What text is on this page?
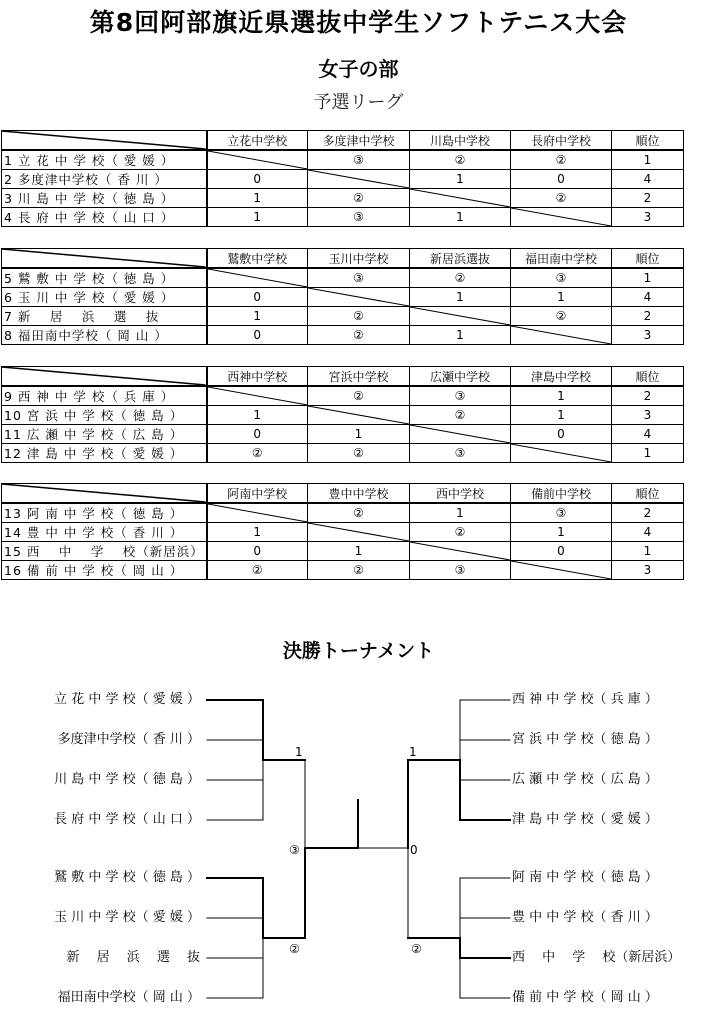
第8回阿部旗近県選抜中学生ソフトテニス大会
女子の部
予選リーグ
	立花中学校	多度津中学校	川島中学校	長府中学校	順位
1 立 花 中 学 校（ 愛 媛 ）		③	②	②	1
2 多度津中学校（ 香 川 ）	0		1	0	4
3 川 島 中 学 校（ 徳 島 ）	1	②		②	2
4 長 府 中 学 校（ 山 口 ）	1	③	1		3
	鷲敷中学校	玉川中学校	新居浜選抜	福田南中学校	順位
5 鷲 敷 中 学 校（ 徳 島 ）		③	②	③	1
6 玉 川 中 学 校（ 愛 媛 ）	0		1	1	4
7 新　 居　 浜　 選　 抜	1	②		②	2
8 福田南中学校（ 岡 山 ）	0	②	1		3
	西神中学校	宮浜中学校	広瀬中学校	津島中学校	順位
9 西 神 中 学 校（ 兵 庫 ）		②	③	1	2
10 宮 浜 中 学 校（ 徳 島 ）	1		②	1	3
11 広 瀬 中 学 校（ 広 島 ）	0	1		0	4
12 津 島 中 学 校（ 愛 媛 ）	②	②	③		1
	阿南中学校	豊中中学校	西中学校	備前中学校	順位
13 阿 南 中 学 校（ 徳 島 ）		②	1	③	2
14 豊 中 中 学 校（ 香 川 ）	1		②	1	4
15 西　 中　 学　 校（新居浜）	0	1		0	1
16 備 前 中 学 校（ 岡 山 ）	②	②	③		3
決勝トーナメント
立 花 中 学 校（ 愛 媛 ）
多度津中学校（ 香 川 ）
川 島 中 学 校（ 徳 島 ）
長 府 中 学 校（ 山 口 ）
鷲 敷 中 学 校（ 徳 島 ）
玉 川 中 学 校（ 愛 媛 ）
新　 居　 浜　 選　 抜
福田南中学校（ 岡 山 ）
西 神 中 学 校（ 兵 庫 ）
宮 浜 中 学 校（ 徳 島 ）
広 瀬 中 学 校（ 広 島 ）
津 島 中 学 校（ 愛 媛 ）
阿 南 中 学 校（ 徳 島 ）
豊 中 中 学 校（ 香 川 ）
西　 中　 学　 校（新居浜）
備 前 中 学 校（ 岡 山 ）
1
②
1
②
③	0
